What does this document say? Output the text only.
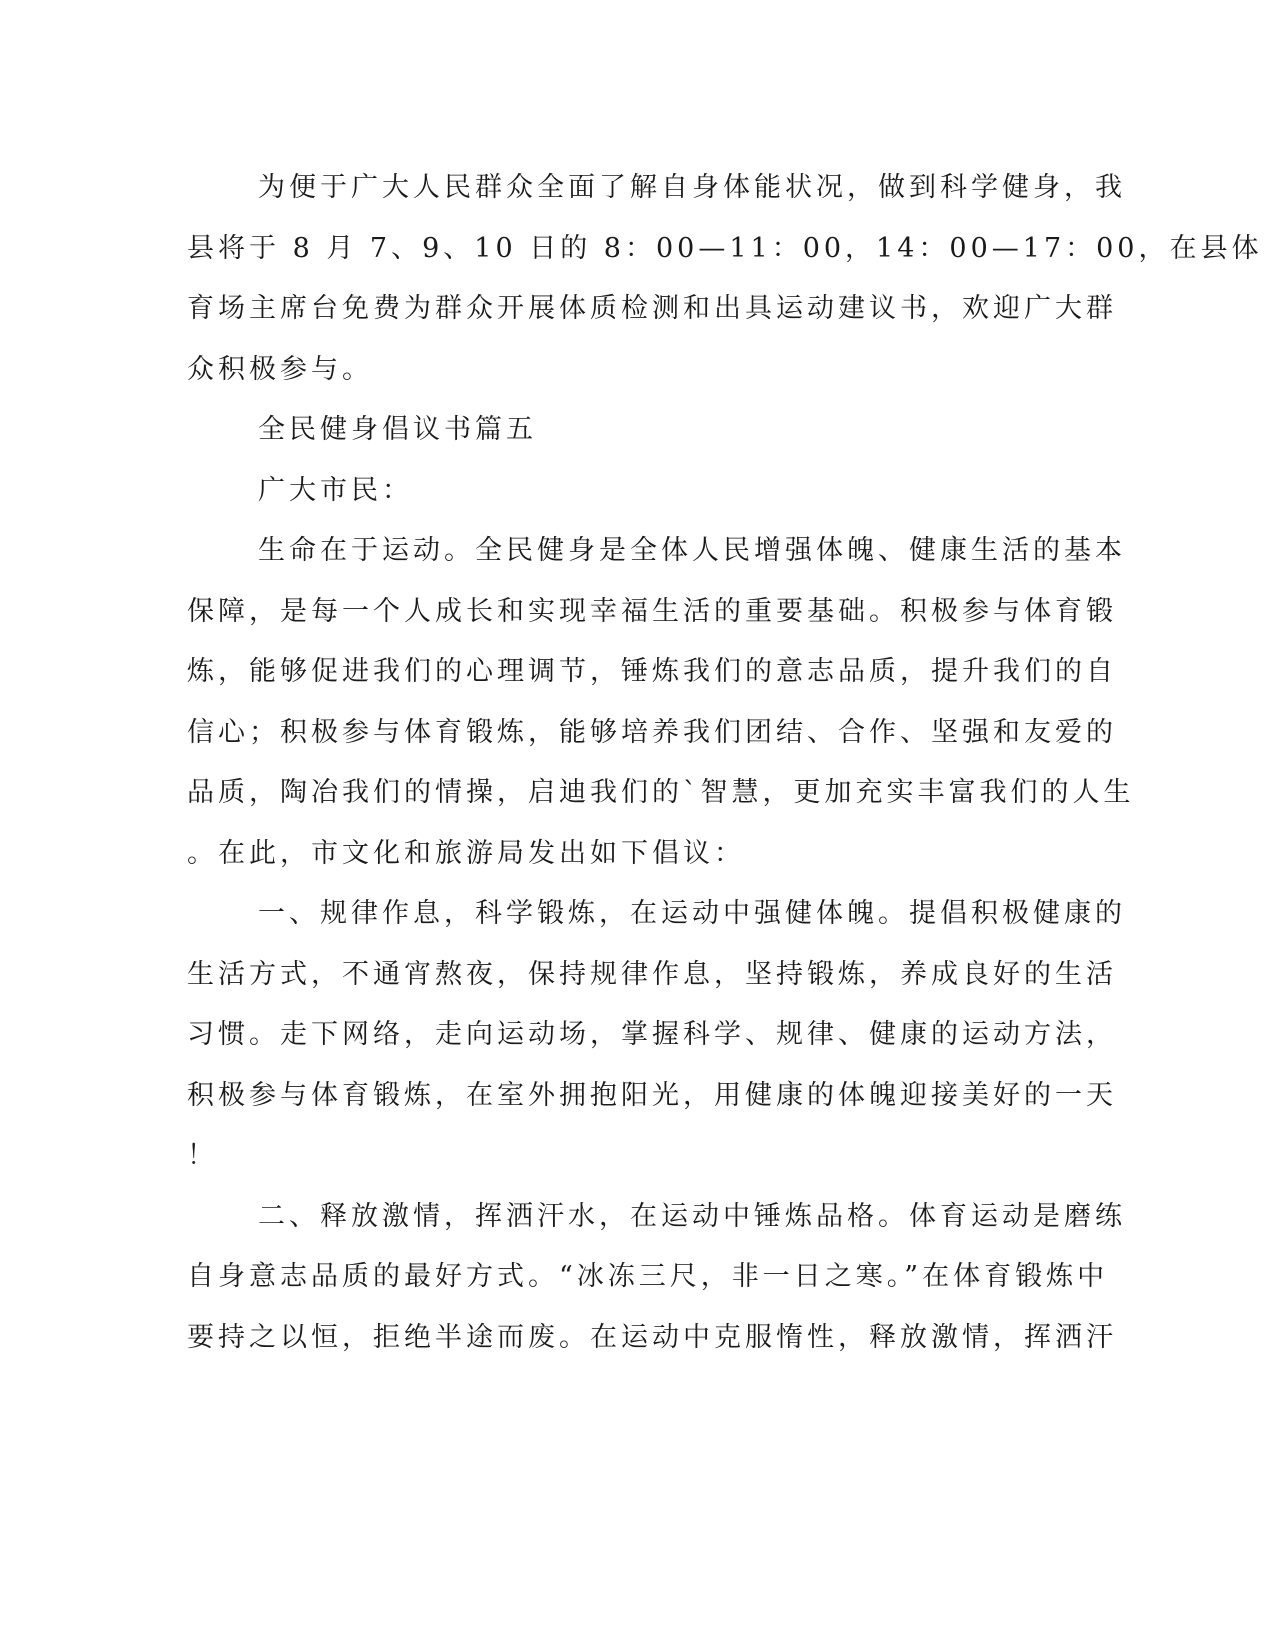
为便于广大人民群众全面了解自身体能状况，做到科学健身，我
县将于 8 月 7、9、10 日的 8：00—11：00，14：00—17：00，在县体
育场主席台免费为群众开展体质检测和出具运动建议书，欢迎广大群
众积极参与。
全民健身倡议书篇五
广大市民：
生命在于运动。全民健身是全体人民增强体魄、健康生活的基本
保障，是每一个人成长和实现幸福生活的重要基础。积极参与体育锻
炼，能够促进我们的心理调节，锤炼我们的意志品质，提升我们的自
信心；积极参与体育锻炼，能够培养我们团结、合作、坚强和友爱的
品质，陶冶我们的情操，启迪我们的`智慧，更加充实丰富我们的人生
。在此，市文化和旅游局发出如下倡议：
一、规律作息，科学锻炼，在运动中强健体魄。提倡积极健康的
生活方式，不通宵熬夜，保持规律作息，坚持锻炼，养成良好的生活
习惯。走下网络，走向运动场，掌握科学、规律、健康的运动方法，
积极参与体育锻炼，在室外拥抱阳光，用健康的体魄迎接美好的一天
！
二、释放激情，挥洒汗水，在运动中锤炼品格。体育运动是磨练
自身意志品质的最好方式。“冰冻三尺，非一日之寒。”在体育锻炼中
要持之以恒，拒绝半途而废。在运动中克服惰性，释放激情，挥洒汗
